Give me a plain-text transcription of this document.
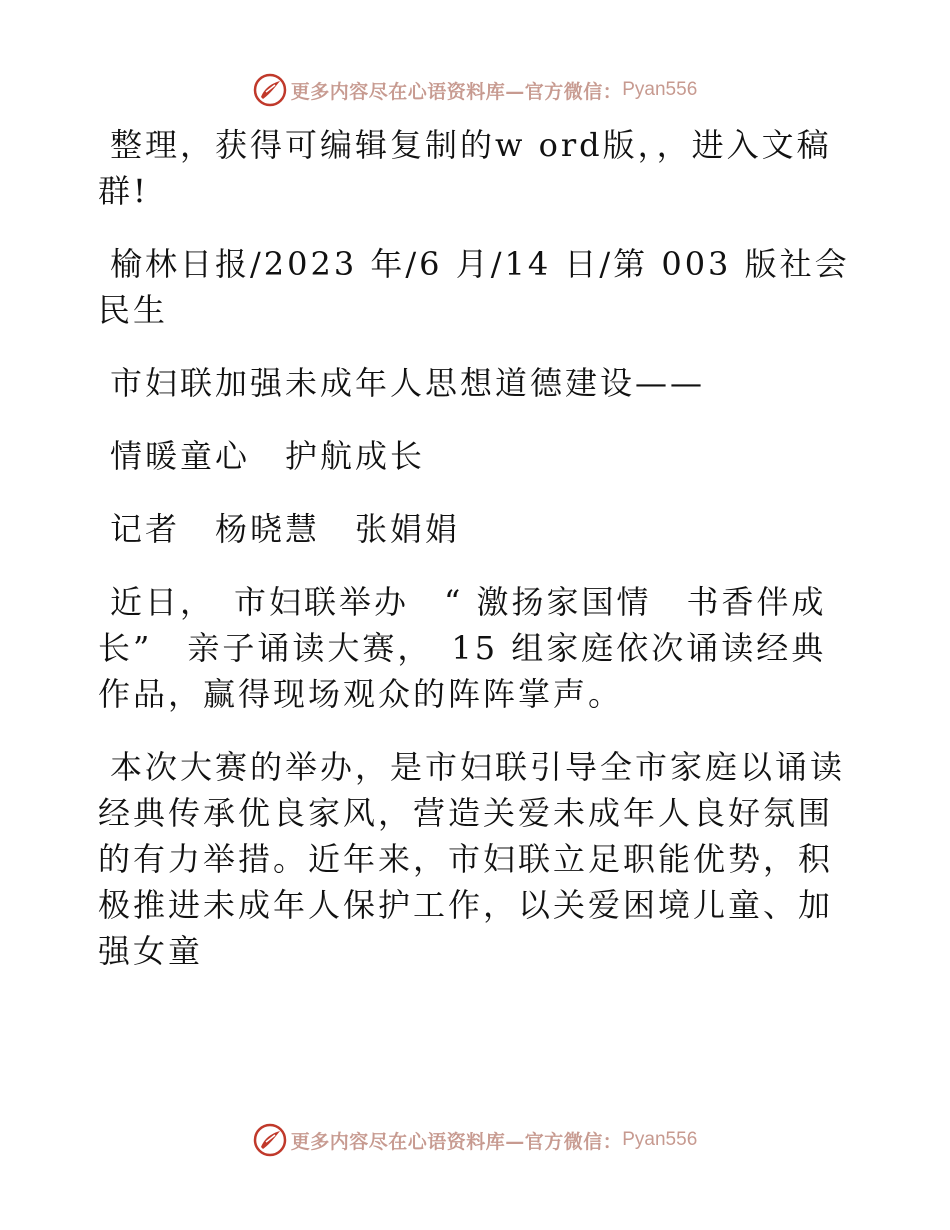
更多内容尽在心语资料库—官方微信： Pyan556

整理，获得可编辑复制的w ord版，，进入文稿群!

榆林日报/2023 年/6 月/14 日/第 003 版社会民生

市妇联加强未成年人思想道德建设——

情暖童心　护航成长

记者　杨晓慧　张娟娟

近日，　市妇联举办　“ 激扬家国情　书香伴成长”　亲子诵读大赛，　15 组家庭依次诵读经典作品，赢得现场观众的阵阵掌声。

本次大赛的举办，是市妇联引导全市家庭以诵读经典传承优良家风，营造关爱未成年人良好氛围的有力举措。近年来，市妇联立足职能优势，积极推进未成年人保护工作，以关爱困境儿童、加强女童

更多内容尽在心语资料库—官方微信： Pyan556
